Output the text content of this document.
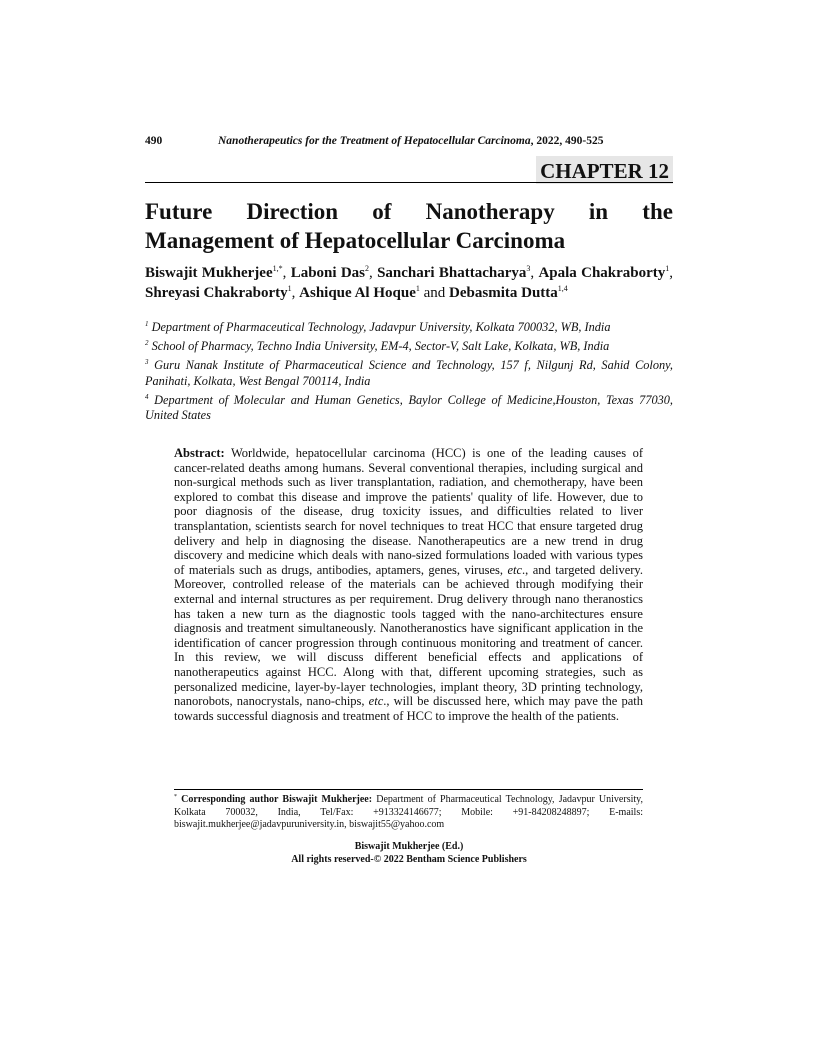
490	Nanotherapeutics for the Treatment of Hepatocellular Carcinoma, 2022, 490-525
CHAPTER 12
Future Direction of Nanotherapy in the
Management of Hepatocellular Carcinoma
Biswajit Mukherjee$^{1,*}$, Laboni Das$^2$, Sanchari Bhattacharya$^3$, Apala Chakraborty$^1$, Shreyasi Chakraborty$^1$, Ashique Al Hoque$^1$ and Debasmita Dutta$^{1,4}$

$^1$ Department of Pharmaceutical Technology, Jadavpur University, Kolkata 700032, WB, India

$^2$ School of Pharmacy, Techno India University, EM-4, Sector-V, Salt Lake, Kolkata, WB, India

$^3$ Guru Nanak Institute of Pharmaceutical Science and Technology, 157 f, Nilgunj Rd, Sahid Colony, Panihati, Kolkata, West Bengal 700114, India

$^4$ Department of Molecular and Human Genetics, Baylor College of Medicine,Houston, Texas 77030, United States

Abstract: Worldwide, hepatocellular carcinoma (HCC) is one of the leading causes of cancer-related deaths among humans. Several conventional therapies, including surgical and non-surgical methods such as liver transplantation, radiation, and chemotherapy, have been explored to combat this disease and improve the patients' quality of life. However, due to poor diagnosis of the disease, drug toxicity issues, and difficulties related to liver transplantation, scientists search for novel techniques to treat HCC that ensure targeted drug delivery and help in diagnosing the disease. Nanotherapeutics are a new trend in drug discovery and medicine which deals with nano-sized formulations loaded with various types of materials such as drugs, antibodies, aptamers, genes, viruses, etc., and targeted delivery. Moreover, controlled release of the materials can be achieved through modifying their external and internal structures as per requirement. Drug delivery through nano theranostics has taken a new turn as the diagnostic tools tagged with the nano-architectures ensure diagnosis and treatment simultaneously. Nanotheranostics have significant application in the identification of cancer progression through continuous monitoring and treatment of cancer. In this review, we will discuss different beneficial effects and applications of nanotherapeutics against HCC. Along with that, different upcoming strategies, such as personalized medicine, layer-by-layer technologies, implant theory, 3D printing technology, nanorobots, nanocrystals, nano-chips, etc., will be discussed here, which may pave the path towards successful diagnosis and treatment of HCC to improve the health of the patients.
* Corresponding author Biswajit Mukherjee: Department of Pharmaceutical Technology, Jadavpur University, Kolkata 700032, India, Tel/Fax: +913324146677; Mobile: +91-84208248897; E-mails: biswajit.mukherjee@jadavpuruniversity.in, biswajit55@yahoo.com
Biswajit Mukherjee (Ed.)
All rights reserved-© 2022 Bentham Science Publishers
